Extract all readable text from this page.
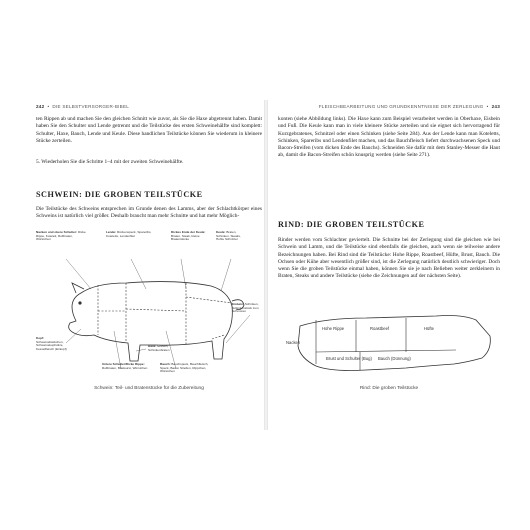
242  •  DIE SELBSTVERSORGER-BIBEL	FLEISCHBEARBEITUNG UND GRUNDKENNTNISSE DER ZERLEGUNG  •  243

ten Rippen ab und machen Sie den gleichen Schnitt wie zuvor, als Sie die Haxe abgetrennt haben. Damit haben Sie den Schulter und Lende getrennt und die Teilstücke des ersten Schweinehälfte sind komplett: Schulter, Haxe, Bauch, Lende und Keule. Diese handlichen Teilstücke können Sie wiederum in kleinere Stücke zerteilen.

5. Wiederholen Sie die Schritte 1–4 mit der zweiten Schweinehälfte.

SCHWEIN: DIE GROBEN TEILSTÜCKE

Die Teilstücke des Schweins entsprechen im Grunde denen des Lamms, aber der Schlachtkörper eines Schweins ist natürlich viel größer. Deshalb braucht man mehr Schnitte und hat mehr Möglich-

Nacken und obere Schulter: Dicke Rippe, Kotelett, Rollbraten, Würstchen
Lende: Rückenspeck, Spareribs, Koteletts, Lendenfilet
Dickes Ende der Keule: Braten, Steak, kleine Bratenstücke
Keule: Braten, Schinken, Steaks, Hohle Schnitzel
Eisbein: Schinken, Schinkenstück zum Schmoren
Kopf: Schweinebäckchen, Schweinekopfsülze, Kesselfleisch (Eintopf)
Haxe: Eisbein, Schinkenbraten
Untere Schulter/Dicke Rippe: Rollbraten, Bratwurst, Würstchen
Bauch: Bauchspeck, Bauchfleisch, Speck, Bacon Streifen, Rippchen, Würstchen
Schwein: Teil- und Bratenstücke für die Zubereitung

konten (siehe Abbildung links). Die Haxe kann zum Beispiel verarbeitet werden in Oberhaxe, Eisbein und Fuß. Die Keule kann man in viele kleinere Stücke zerteilen und sie eignet sich hervorragend für Kurzgebratenes, Schnitzel oder einen Schinken (siehe Seite 284). Aus der Lende kann man Koteletts, Schinken, Spareribs und Lendenfilet machen, und das Bauchfleisch liefert durchwachsenen Speck und Bacon-Streifen (vom dicken Ende des Bauchs). Schneiden Sie dafür mit dem Stanley-Messer die Haut ab, damit die Bacon-Streifen schön knusprig werden (siehe Seite 271).

RIND: DIE GROBEN TEILSTÜCKE

Rinder werden vom Schlachter geviertelt. Die Schnitte bei der Zerlegung sind die gleichen wie bei Schwein und Lamm, und die Teilstücke sind ebenfalls die gleichen, auch wenn sie teilweise andere Bezeichnungen haben. Bei Rind sind die Teilstücke: Hohe Rippe, Roastbeef, Hüfte, Brust, Bauch. Die Ochsen oder Kühe aber wesentlich größer sind, ist die Zerlegung natürlich deutlich schwieriger. Doch wenn Sie die groben Teilstücke einmal haben, können Sie sie je nach Belieben weiter zerkleinern in Braten, Steaks und andere Teilstücke (siehe die Zeichnungen auf der nächsten Seite).

Nacken
Hohe Rippe	Roastbeef	Hüfte
Brust und Schulter (Bug) Bauch (Dünnung)
Rind: Die groben Teilstücke
